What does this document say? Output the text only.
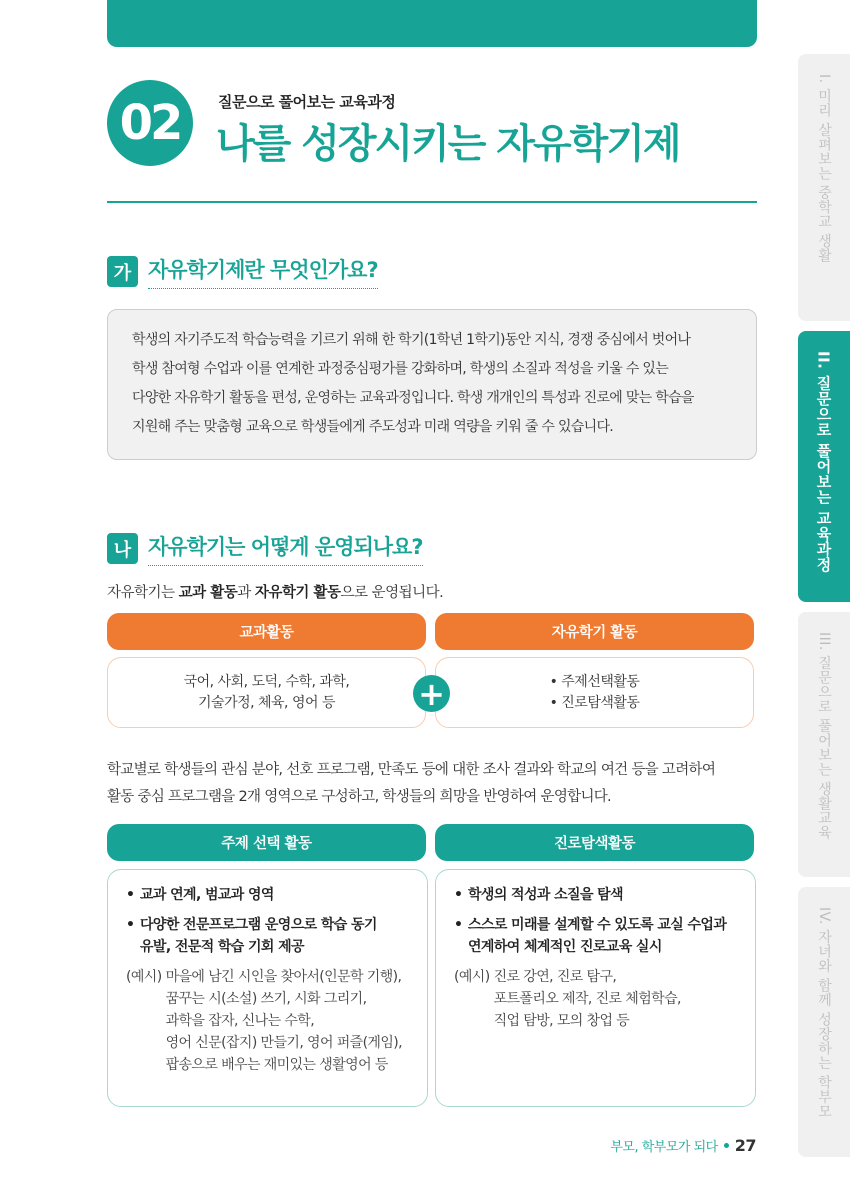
02	질문으로 풀어보는 교육과정
나를 성장시키는 자유학기제
가 자유학기제란 무엇인가요?
학생의 자기주도적 학습능력을 기르기 위해 한 학기(1학년 1학기)동안 지식, 경쟁 중심에서 벗어나
학생 참여형 수업과 이를 연계한 과정중심평가를 강화하며, 학생의 소질과 적성을 키울 수 있는
다양한 자유학기 활동을 편성, 운영하는 교육과정입니다. 학생 개개인의 특성과 진로에 맞는 학습을
지원해 주는 맞춤형 교육으로 학생들에게 주도성과 미래 역량을 키워 줄 수 있습니다.
나 자유학기는 어떻게 운영되나요?
자유학기는 교과 활동과 자유학기 활동으로 운영됩니다.
교과활동	자유학기 활동
국어, 사회, 도덕, 수학, 과학,
기술가정, 체육, 영어 등
• 주제선택활동
• 진로탐색활동
+
학교별로 학생들의 관심 분야, 선호 프로그램, 만족도 등에 대한 조사 결과와 학교의 여건 등을 고려하여
활동 중심 프로그램을 2개 영역으로 구성하고, 학생들의 희망을 반영하여 운영합니다.
주제 선택 활동	진로탐색활동
• 교과 연계, 범교과 영역
• 다양한 전문프로그램 운영으로 학습 동기
유발, 전문적 학습 기회 제공
(예시) 마을에 남긴 시인을 찾아서(인문학 기행),
꿈꾸는 시(소설) 쓰기, 시화 그리기,
과학을 잡자, 신나는 수학,
영어 신문(잡지) 만들기, 영어 퍼즐(게임),
팝송으로 배우는 재미있는 생활영어 등
• 학생의 적성과 소질을 탐색
• 스스로 미래를 설계할 수 있도록 교실 수업과
연계하여 체계적인 진로교육 실시
(예시) 진로 강연, 진로 탐구,
포트폴리오 제작, 진로 체험학습,
직업 탐방, 모의 창업 등
I. 미리 살펴보는 중학교 생활
II. 질문으로 풀어보는 교육과정
III. 질문으로 풀어보는 생활교육
IV. 자녀와 함께 성장하는 학부모
부모, 학부모가 되다 27
